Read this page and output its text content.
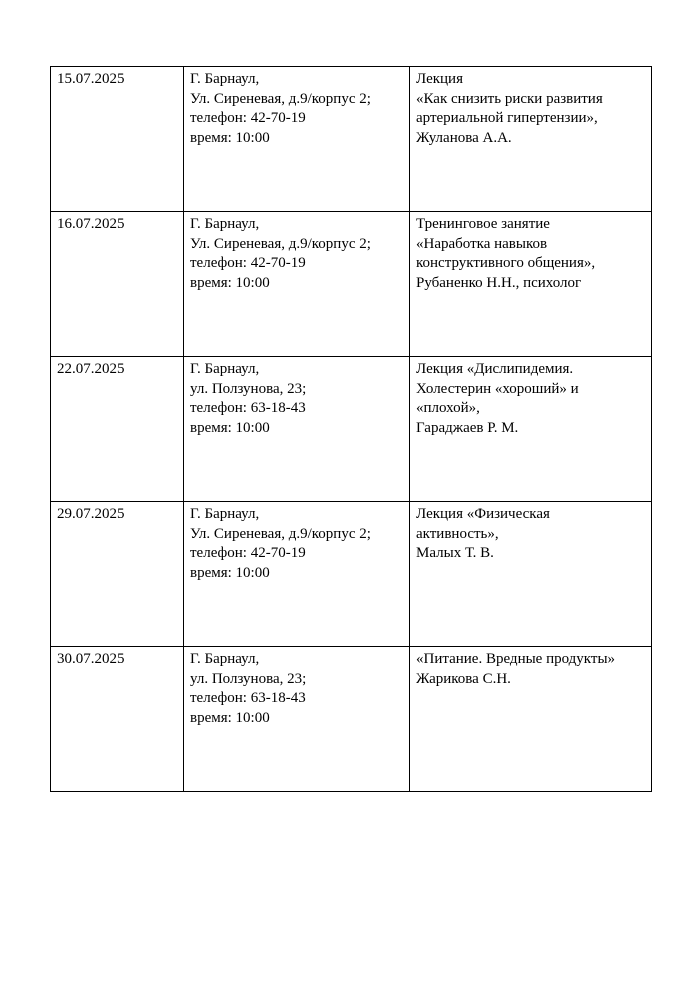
15.07.2025	Г. Барнаул,
Ул. Сиреневая, д.9/корпус 2;
телефон: 42-70-19
время: 10:00	Лекция
«Как снизить риски развития
артериальной гипертензии»,
Жуланова А.А.

16.07.2025	Г. Барнаул,
Ул. Сиреневая, д.9/корпус 2;
телефон: 42-70-19
время: 10:00	Тренинговое занятие
«Наработка навыков
конструктивного общения»,
Рубаненко Н.Н., психолог

22.07.2025	Г. Барнаул,
ул. Ползунова, 23;
телефон: 63-18-43
время: 10:00	Лекция «Дислипидемия.
Холестерин «хороший» и
«плохой»,
Гараджаев Р. М.

29.07.2025	Г. Барнаул,
Ул. Сиреневая, д.9/корпус 2;
телефон: 42-70-19
время: 10:00	Лекция «Физическая
активность»,
Малых Т. В.

30.07.2025	Г. Барнаул,
ул. Ползунова, 23;
телефон: 63-18-43
время: 10:00	«Питание. Вредные продукты»
Жарикова С.Н.
